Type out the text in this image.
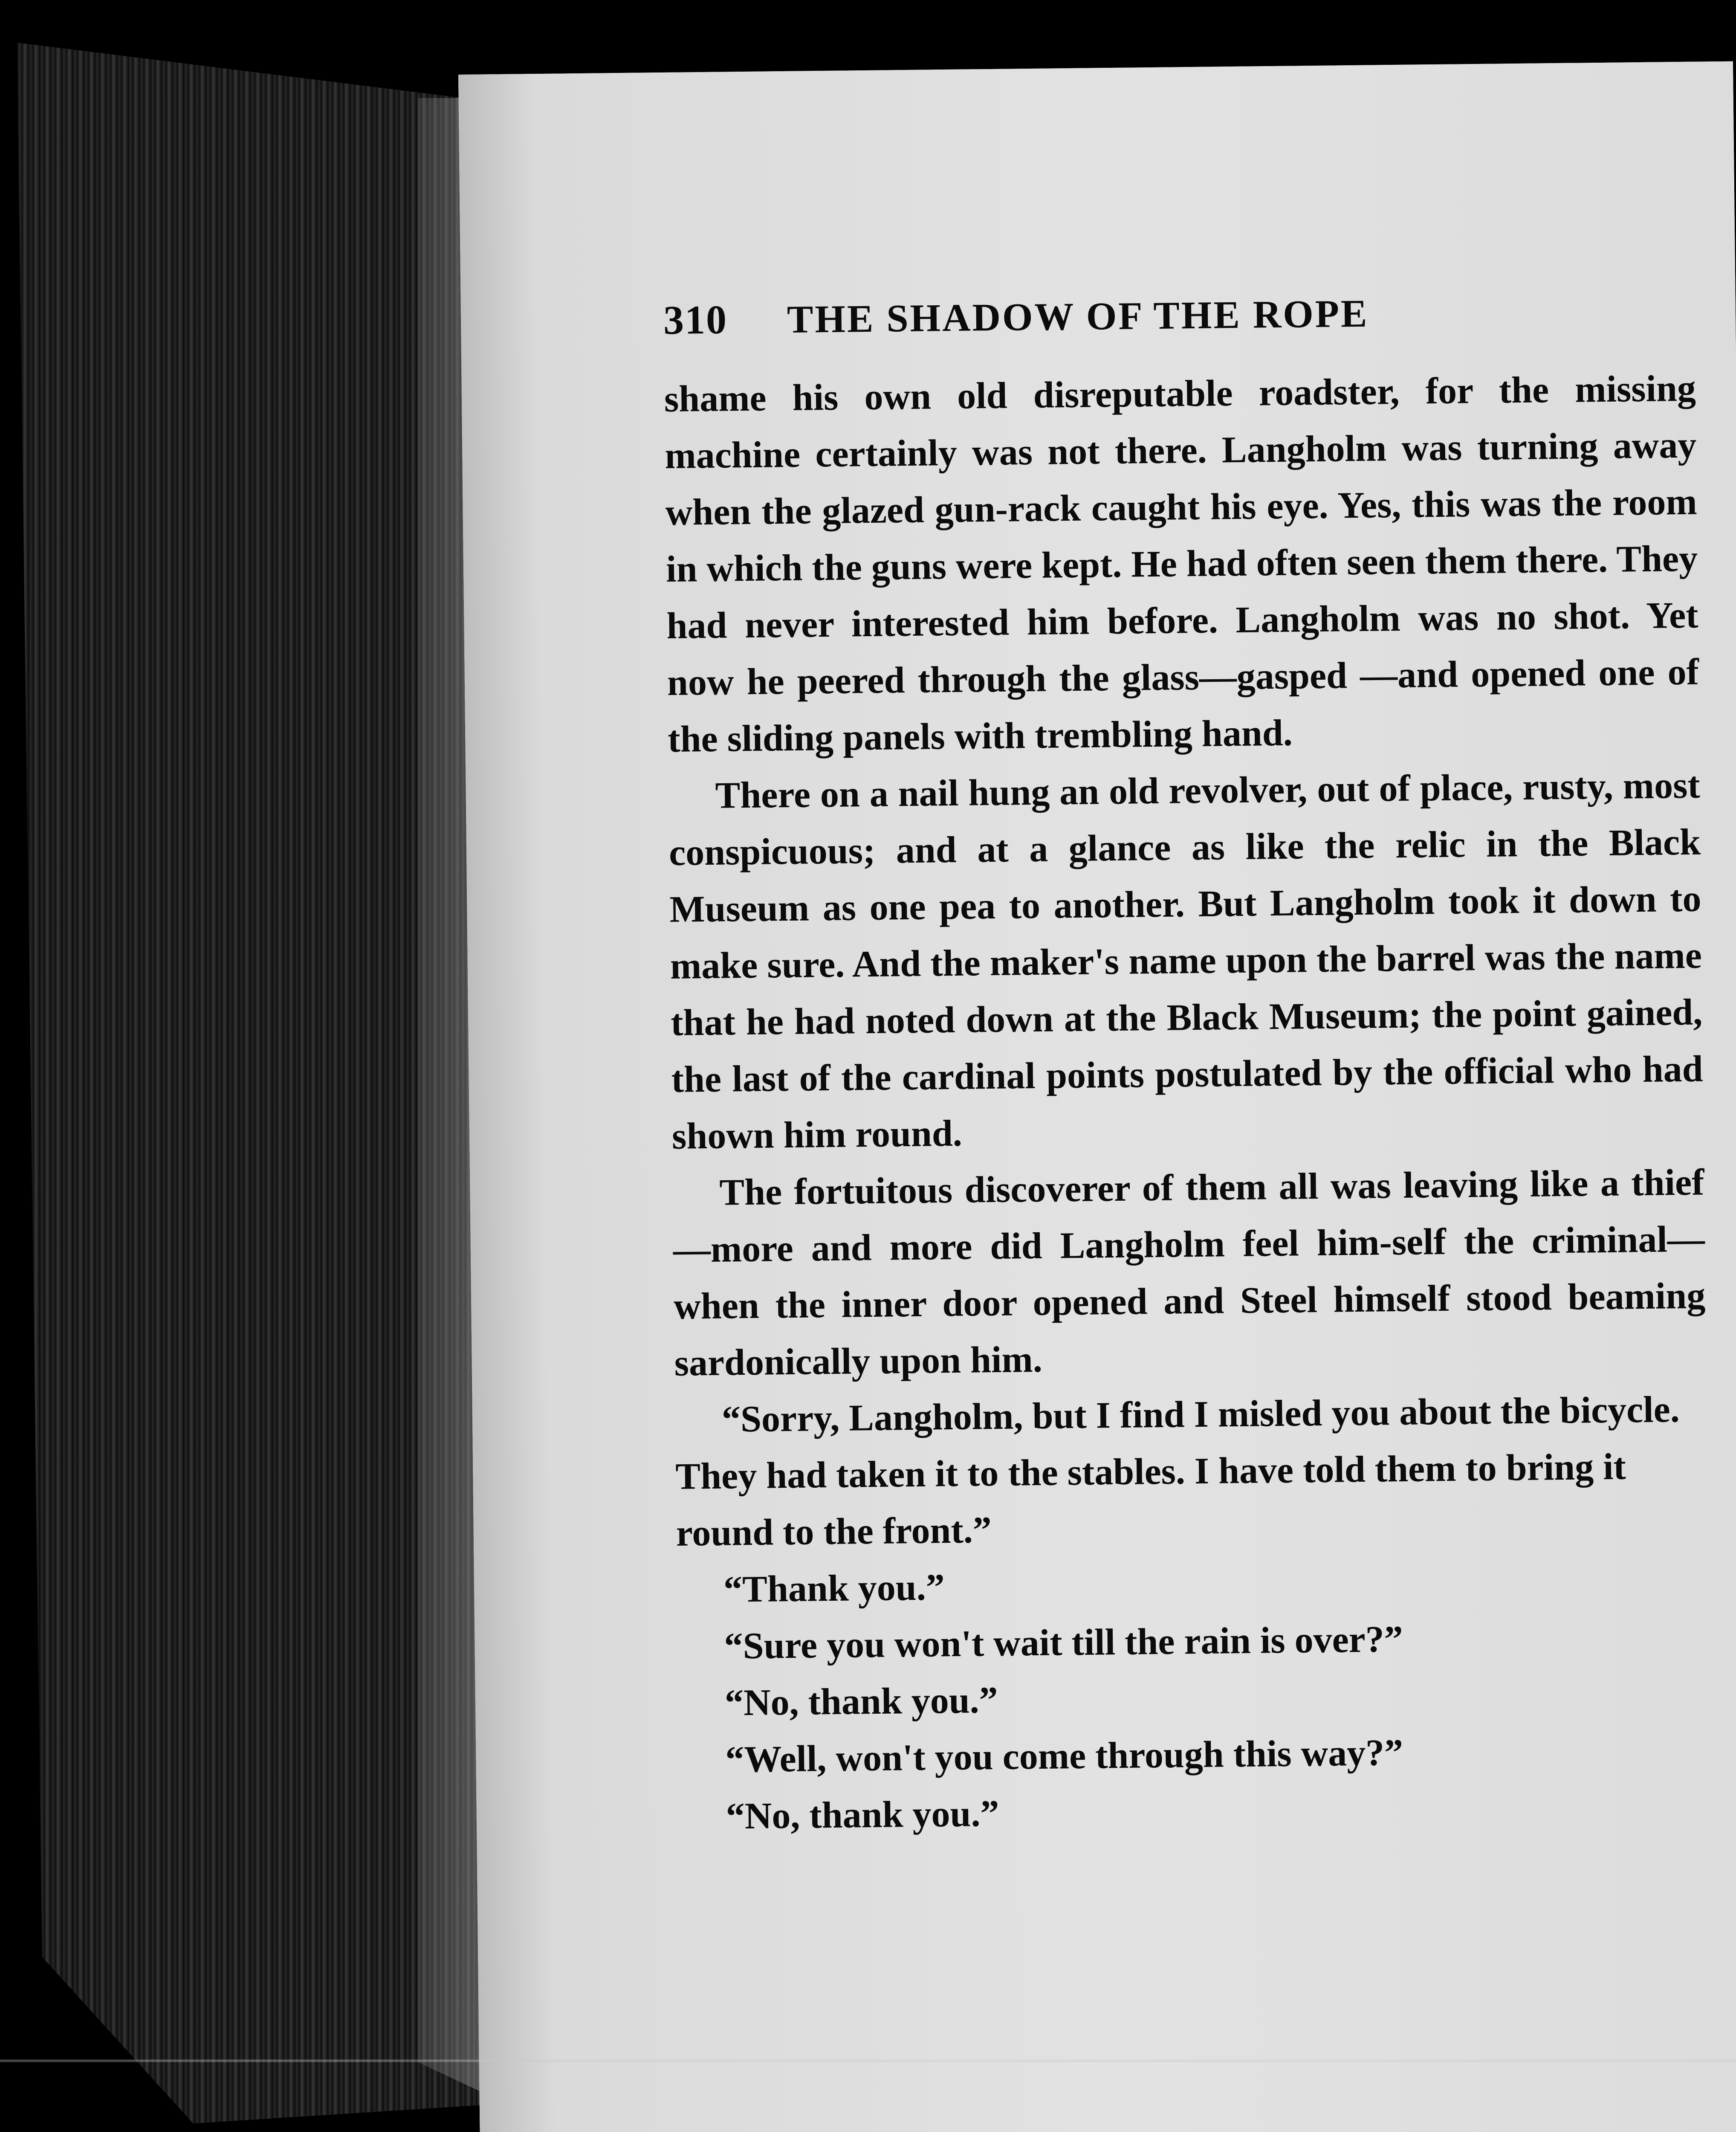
310 THE SHADOW OF THE ROPE

shame his own old disreputable roadster, for the missing machine certainly was not there. Langholm was turning away when the glazed gun-rack caught his eye. Yes, this was the room in which the guns were kept. He had often seen them there. They had never interested him before. Langholm was no shot. Yet now he peered through the glass—gasped —and opened one of the sliding panels with trembling hand.

There on a nail hung an old revolver, out of place, rusty, most conspicuous; and at a glance as like the relic in the Black Museum as one pea to another. But Langholm took it down to make sure. And the maker's name upon the barrel was the name that he had noted down at the Black Museum; the point gained, the last of the cardinal points postulated by the official who had shown him round.

The fortuitous discoverer of them all was leaving like a thief—more and more did Langholm feel him-self the criminal—when the inner door opened and Steel himself stood beaming sardonically upon him.

“Sorry, Langholm, but I find I misled you about the bicycle. They had taken it to the stables. I have told them to bring it round to the front.”

“Thank you.”

“Sure you won't wait till the rain is over?”

“No, thank you.”

“Well, won't you come through this way?”

“No, thank you.”
